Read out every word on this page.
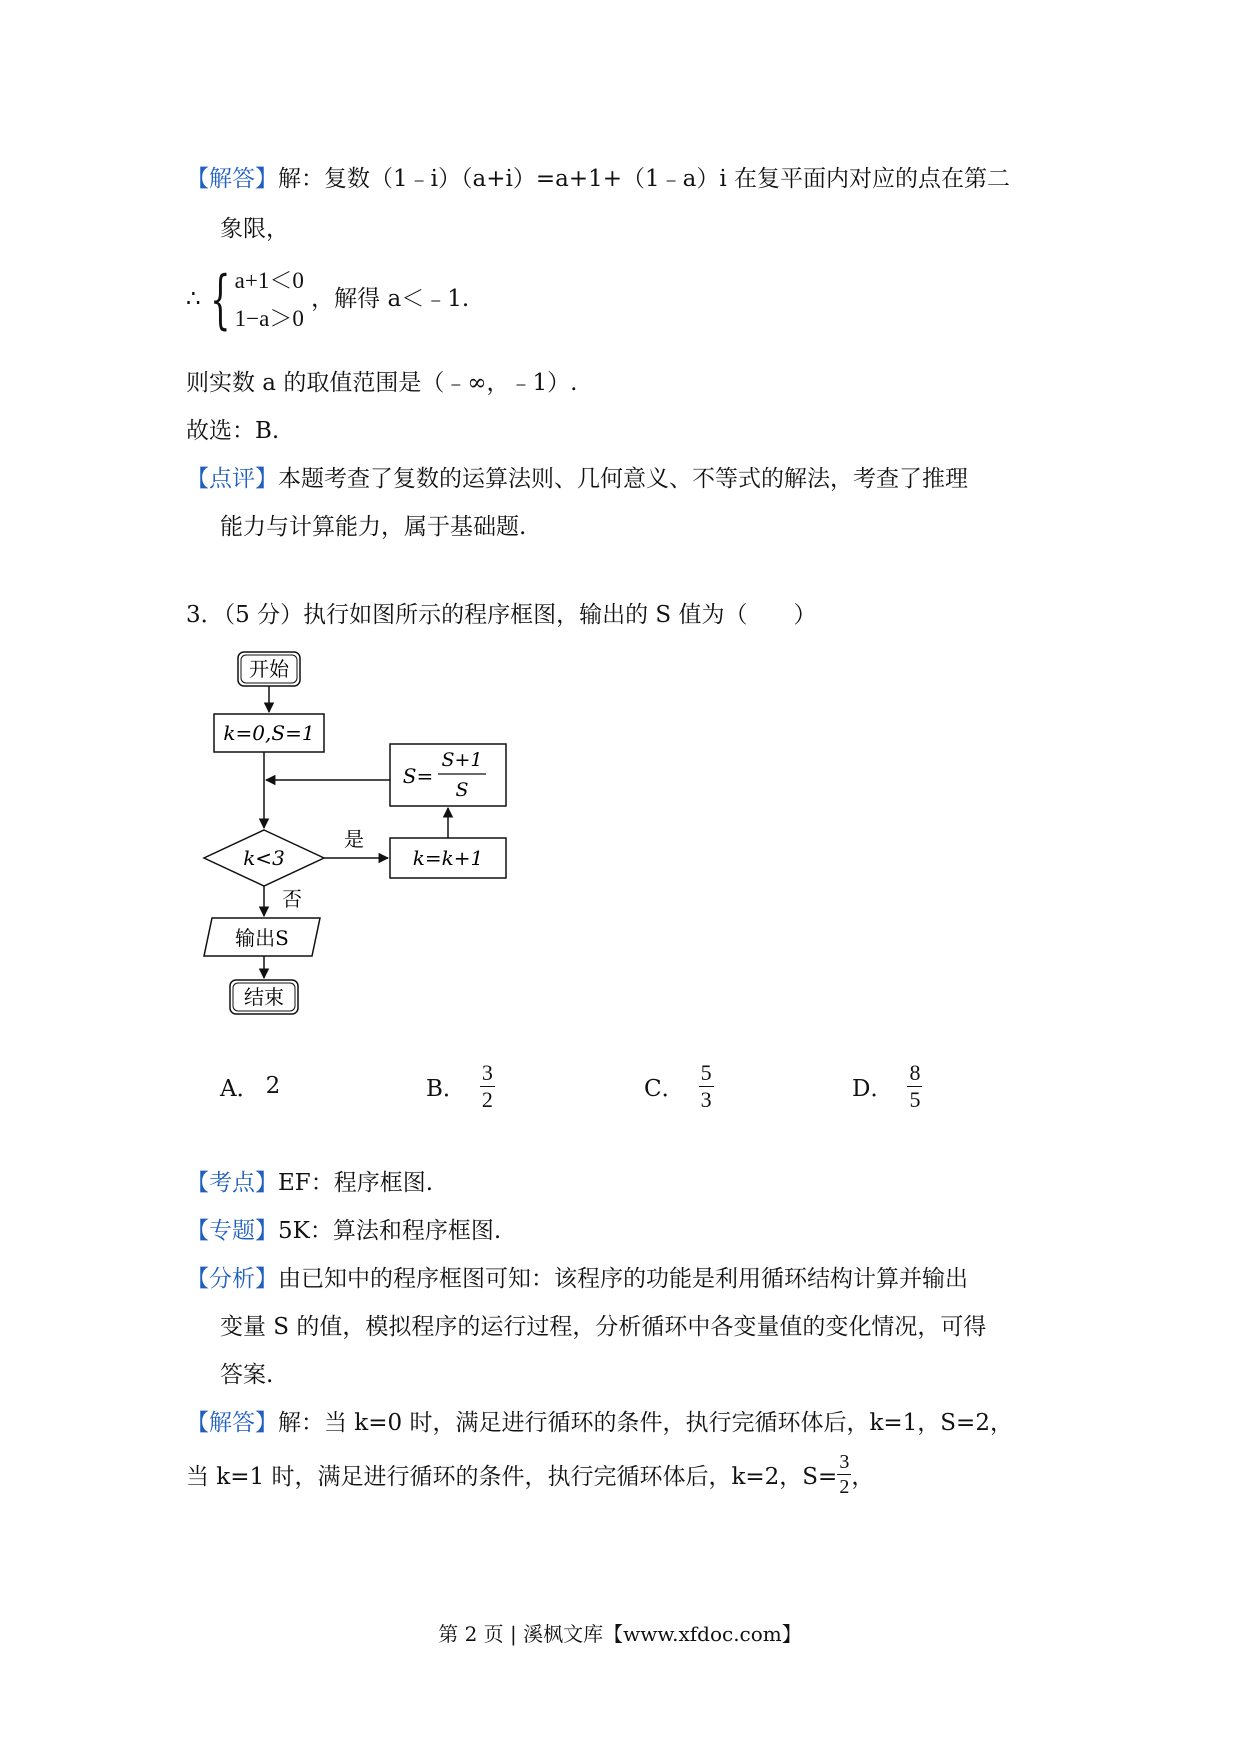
【解答】解：复数（1﹣i）（a+i）=a+1+（1﹣a）i 在复平面内对应的点在第二
象限，
∴ { a+1＜0
1−a＞0
，解得 a＜﹣1.
则实数 a 的取值范围是（﹣∞，﹣1）.
故选：B.
【点评】本题考查了复数的运算法则、几何意义、不等式的解法，考查了推理
能力与计算能力，属于基础题.
3．（5 分）执行如图所示的程序框图，输出的 S 值为（　　）
开始
k=0,S=1
S=
S+1
S
k<3
是
k=k+1
否
输出S
结束
A． 2	B． $\frac{3}{2}$	C． $\frac{5}{3}$	D． $\frac{8}{5}$
【考点】EF：程序框图.
【专题】5K：算法和程序框图.
【分析】由已知中的程序框图可知：该程序的功能是利用循环结构计算并输出
变量 S 的值，模拟程序的运行过程，分析循环中各变量值的变化情况，可得
答案.
【解答】解：当 k=0 时，满足进行循环的条件，执行完循环体后，k=1，S=2，
当 k=1 时，满足进行循环的条件，执行完循环体后，k=2，$S= \frac{3}{2}$ ，
第 2 页 | 溪枫文库【www.xfdoc.com】
